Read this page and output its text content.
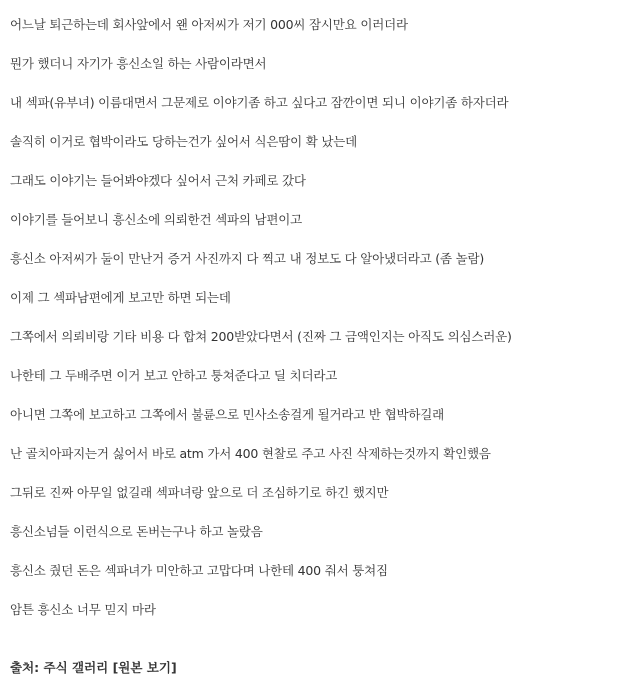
어느날 퇴근하는데 회사앞에서 왠 아저씨가 저기 000씨 잠시만요 이러더라

뭔가 했더니 자기가 흥신소일 하는 사람이라면서

내 섹파(유부녀) 이름대면서 그문제로 이야기좀 하고 싶다고 잠깐이면 되니 이야기좀 하자더라

솔직히 이거로 협박이라도 당하는건가 싶어서 식은땀이 확 났는데

그래도 이야기는 들어봐야겠다 싶어서 근처 카페로 갔다

이야기를 들어보니 흥신소에 의뢰한건 섹파의 남편이고

흥신소 아저씨가 둘이 만난거 증거 사진까지 다 찍고 내 정보도 다 알아냈더라고 (좀 놀람)

이제 그 섹파남편에게 보고만 하면 되는데

그쪽에서 의뢰비랑 기타 비용 다 합쳐 200받았다면서 (진짜 그 금액인지는 아직도 의심스러운)

나한테 그 두배주면 이거 보고 안하고 퉁쳐준다고 딜 치더라고

아니면 그쪽에 보고하고 그쪽에서 불륜으로 민사소송걸게 될거라고 반 협박하길래

난 골치아파지는거 싫어서 바로 atm 가서 400 현찰로 주고 사진 삭제하는것까지 확인했음

그뒤로 진짜 아무일 없길래 섹파녀랑 앞으로 더 조심하기로 하긴 했지만

흥신소넘들 이런식으로 돈버는구나 하고 놀랐음

흥신소 줬던 돈은 섹파녀가 미안하고 고맙다며 나한테 400 줘서 퉁쳐짐

암튼 흥신소 너무 믿지 마라

출처: 주식 갤러리 [원본 보기]
